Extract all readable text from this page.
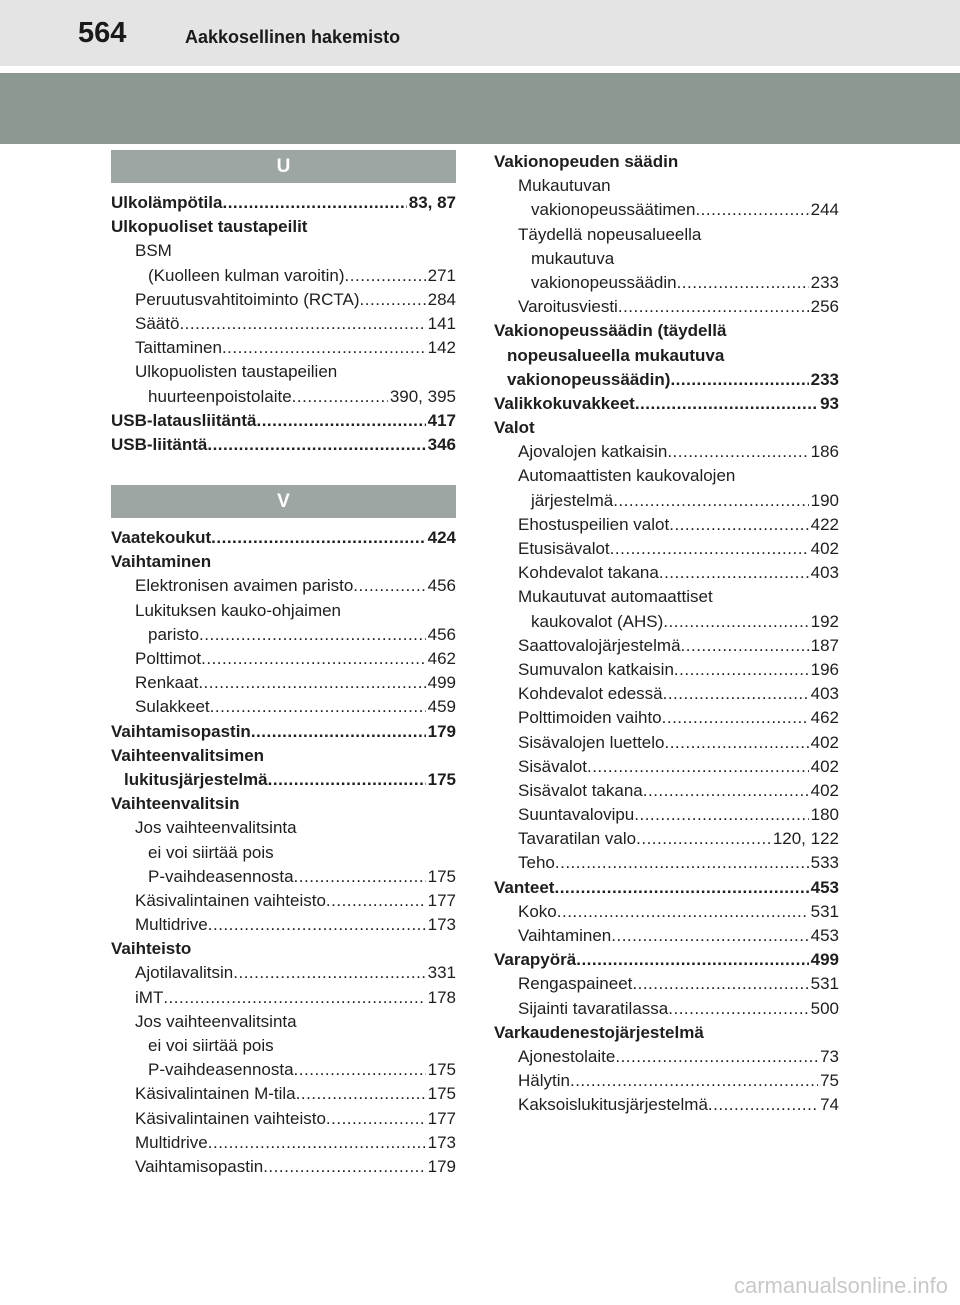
564	Aakkosellinen hakemisto
U
Ulkolämpötila .....	83, 87
Ulkopuoliset taustapeilit
BSM
(Kuolleen kulman varoitin) .....	271
Peruutusvahtitoiminto (RCTA) .....	284
Säätö .....	141
Taittaminen .....	142
Ulkopuolisten taustapeilien
huurteenpoistolaite .....	390, 395
USB-latausliitäntä .....	417
USB-liitäntä .....	346
V
Vaatekoukut .....	424
Vaihtaminen
Elektronisen avaimen paristo .....	456
Lukituksen kauko-ohjaimen
paristo .....	456
Polttimot .....	462
Renkaat .....	499
Sulakkeet .....	459
Vaihtamisopastin .....	179
Vaihteenvalitsimen
lukitusjärjestelmä .....	175
Vaihteenvalitsin
Jos vaihteenvalitsinta
ei voi siirtää pois
P-vaihdeasennosta .....	175
Käsivalintainen vaihteisto .....	177
Multidrive .....	173
Vaihteisto
Ajotilavalitsin .....	331
iMT .....	178
Jos vaihteenvalitsinta
ei voi siirtää pois
P-vaihdeasennosta .....	175
Käsivalintainen M-tila .....	175
Käsivalintainen vaihteisto .....	177
Multidrive .....	173
Vaihtamisopastin .....	179
Vakionopeuden säädin
Mukautuvan
vakionopeussäätimen .....	244
Täydellä nopeusalueella
mukautuva
vakionopeussäädin .....	233
Varoitusviesti .....	256
Vakionopeussäädin (täydellä
nopeusalueella mukautuva
vakionopeussäädin) .....	233
Valikkokuvakkeet .....	93
Valot
Ajovalojen katkaisin .....	186
Automaattisten kaukovalojen
järjestelmä .....	190
Ehostuspeilien valot .....	422
Etusisävalot .....	402
Kohdevalot takana .....	403
Mukautuvat automaattiset
kaukovalot (AHS) .....	192
Saattovalojärjestelmä .....	187
Sumuvalon katkaisin .....	196
Kohdevalot edessä .....	403
Polttimoiden vaihto .....	462
Sisävalojen luettelo .....	402
Sisävalot .....	402
Sisävalot takana .....	402
Suuntavalovipu .....	180
Tavaratilan valo .....	120, 122
Teho .....	533
Vanteet .....	453
Koko .....	531
Vaihtaminen .....	453
Varapyörä .....	499
Rengaspaineet .....	531
Sijainti tavaratilassa .....	500
Varkaudenestojärjestelmä
Ajonestolaite .....	73
Hälytin .....	75
Kaksoislukitusjärjestelmä .....	74
carmanualsonline.info
